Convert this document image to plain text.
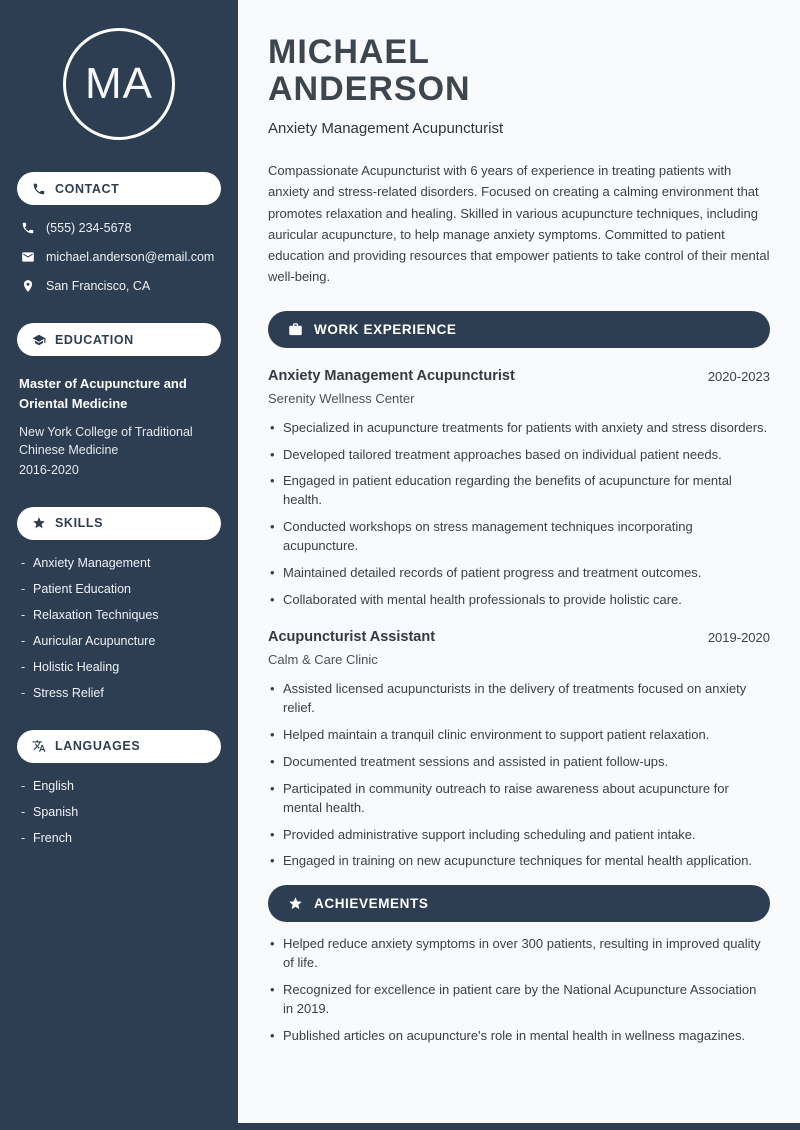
MA
CONTACT
(555) 234-5678
michael.anderson@email.com
San Francisco, CA
EDUCATION
Master of Acupuncture and Oriental Medicine
New York College of Traditional Chinese Medicine
2016-2020
SKILLS
- Anxiety Management
- Patient Education
- Relaxation Techniques
- Auricular Acupuncture
- Holistic Healing
- Stress Relief
LANGUAGES
- English
- Spanish
- French
MICHAEL
ANDERSON
Anxiety Management Acupuncturist

Compassionate Acupuncturist with 6 years of experience in treating patients with anxiety and stress-related disorders. Focused on creating a calming environment that promotes relaxation and healing. Skilled in various acupuncture techniques, including auricular acupuncture, to help manage anxiety symptoms. Committed to patient education and providing resources that empower patients to take control of their mental well-being.

WORK EXPERIENCE
Anxiety Management Acupuncturist
Serenity Wellness Center
2020-2023
• Specialized in acupuncture treatments for patients with anxiety and stress disorders.
• Developed tailored treatment approaches based on individual patient needs.
• Engaged in patient education regarding the benefits of acupuncture for mental health.
• Conducted workshops on stress management techniques incorporating acupuncture.
• Maintained detailed records of patient progress and treatment outcomes.
• Collaborated with mental health professionals to provide holistic care.
Acupuncturist Assistant
Calm & Care Clinic
2019-2020
• Assisted licensed acupuncturists in the delivery of treatments focused on anxiety relief.
• Helped maintain a tranquil clinic environment to support patient relaxation.
• Documented treatment sessions and assisted in patient follow-ups.
• Participated in community outreach to raise awareness about acupuncture for mental health.
• Provided administrative support including scheduling and patient intake.
• Engaged in training on new acupuncture techniques for mental health application.
ACHIEVEMENTS
• Helped reduce anxiety symptoms in over 300 patients, resulting in improved quality of life.
• Recognized for excellence in patient care by the National Acupuncture Association in 2019.
• Published articles on acupuncture's role in mental health in wellness magazines.
